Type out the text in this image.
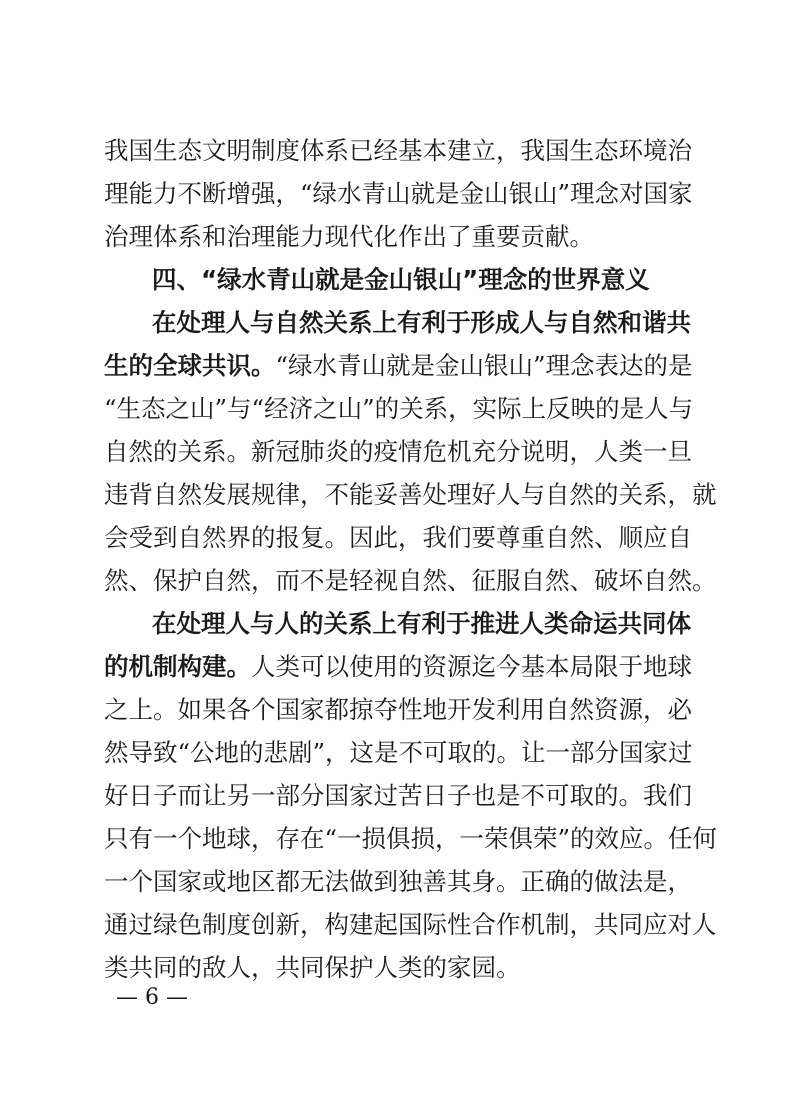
我国生态文明制度体系已经基本建立，我国生态环境治
理能力不断增强，“绿水青山就是金山银山”理念对国家
治理体系和治理能力现代化作出了重要贡献。
四、“绿水青山就是金山银山”理念的世界意义
在处理人与自然关系上有利于形成人与自然和谐共
生的全球共识。“绿水青山就是金山银山”理念表达的是
“生态之山”与“经济之山”的关系，实际上反映的是人与
自然的关系。新冠肺炎的疫情危机充分说明，人类一旦
违背自然发展规律，不能妥善处理好人与自然的关系，就
会受到自然界的报复。因此，我们要尊重自然、顺应自
然、保护自然，而不是轻视自然、征服自然、破坏自然。
在处理人与人的关系上有利于推进人类命运共同体
的机制构建。人类可以使用的资源迄今基本局限于地球
之上。如果各个国家都掠夺性地开发利用自然资源，必
然导致“公地的悲剧”，这是不可取的。让一部分国家过
好日子而让另一部分国家过苦日子也是不可取的。我们
只有一个地球，存在“一损俱损，一荣俱荣”的效应。任何
一个国家或地区都无法做到独善其身。正确的做法是，
通过绿色制度创新，构建起国际性合作机制，共同应对人
类共同的敌人，共同保护人类的家园。
— 6 —
